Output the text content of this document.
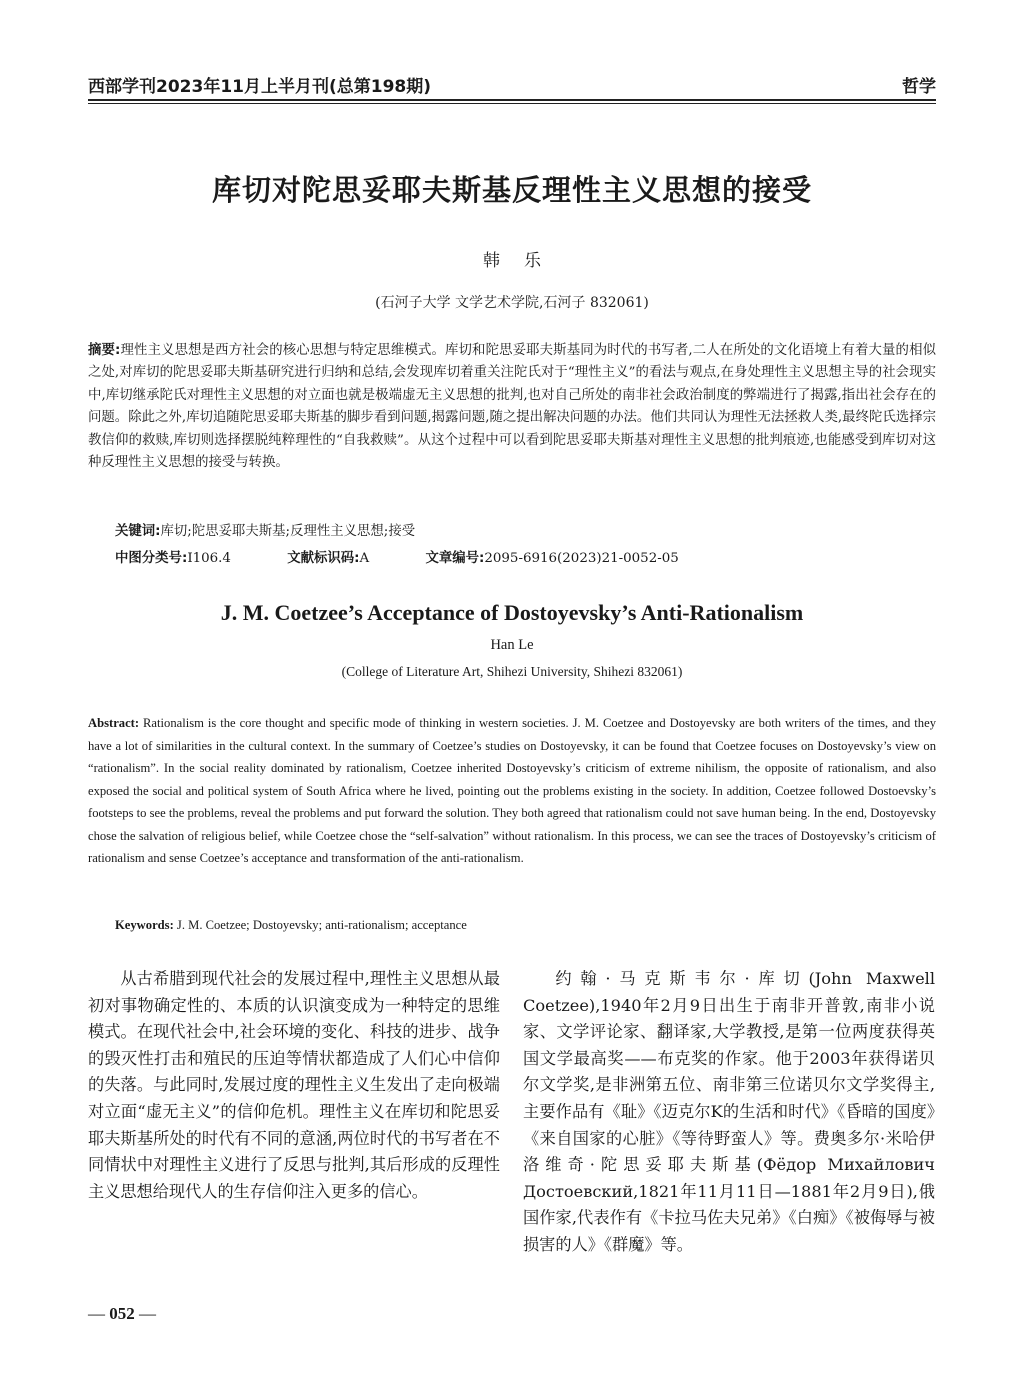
西部学刊2023年11月上半月刊(总第198期)	哲学
库切对陀思妥耶夫斯基反理性主义思想的接受
韩乐
(石河子大学 文学艺术学院,石河子 832061)
摘要:理性主义思想是西方社会的核心思想与特定思维模式。库切和陀思妥耶夫斯基同为时代的书写者,二人在所处的文化语境上有着大量的相似之处,对库切的陀思妥耶夫斯基研究进行归纳和总结,会发现库切着重关注陀氏对于“理性主义”的看法与观点,在身处理性主义思想主导的社会现实中,库切继承陀氏对理性主义思想的对立面也就是极端虚无主义思想的批判,也对自己所处的南非社会政治制度的弊端进行了揭露,指出社会存在的问题。除此之外,库切追随陀思妥耶夫斯基的脚步看到问题,揭露问题,随之提出解决问题的办法。他们共同认为理性无法拯救人类,最终陀氏选择宗教信仰的救赎,库切则选择摆脱纯粹理性的“自我救赎”。从这个过程中可以看到陀思妥耶夫斯基对理性主义思想的批判痕迹,也能感受到库切对这种反理性主义思想的接受与转换。
关键词:库切;陀思妥耶夫斯基;反理性主义思想;接受
中图分类号:I106.4	文献标识码:A	文章编号:2095-6916(2023)21-0052-05
J. M. Coetzee’s Acceptance of Dostoyevsky’s Anti-Rationalism
Han Le
(College of Literature Art, Shihezi University, Shihezi 832061)
Abstract: Rationalism is the core thought and specific mode of thinking in western societies. J. M. Coetzee and Dostoyevsky are both writers of the times, and they have a lot of similarities in the cultural context. In the summary of Coetzee’s studies on Dostoyevsky, it can be found that Coetzee focuses on Dostoyevsky’s view on “rationalism”. In the social reality dominated by rationalism, Coetzee inherited Dostoyevsky’s criticism of extreme nihilism, the opposite of rationalism, and also exposed the social and political system of South Africa where he lived, pointing out the problems existing in the society. In addition, Coetzee followed Dostoevsky’s footsteps to see the problems, reveal the problems and put forward the solution. They both agreed that rationalism could not save human being. In the end, Dostoyevsky chose the salvation of religious belief, while Coetzee chose the “self-salvation” without rationalism. In this process, we can see the traces of Dostoyevsky’s criticism of rationalism and sense Coetzee’s acceptance and transformation of the anti-rationalism.
Keywords: J. M. Coetzee; Dostoyevsky; anti-rationalism; acceptance
从古希腊到现代社会的发展过程中,理性主义思想从最初对事物确定性的、本质的认识演变成为一种特定的思维模式。在现代社会中,社会环境的变化、科技的进步、战争的毁灭性打击和殖民的压迫等情状都造成了人们心中信仰的失落。与此同时,发展过度的理性主义生发出了走向极端对立面“虚无主义”的信仰危机。理性主义在库切和陀思妥耶夫斯基所处的时代有不同的意涵,两位时代的书写者在不同情状中对理性主义进行了反思与批判,其后形成的反理性主义思想给现代人的生存信仰注入更多的信心。
约翰·马克斯韦尔·库切(John Maxwell Coetzee),1940年2月9日出生于南非开普敦,南非小说家、文学评论家、翻译家,大学教授,是第一位两度获得英国文学最高奖——布克奖的作家。他于2003年获得诺贝尔文学奖,是非洲第五位、南非第三位诺贝尔文学奖得主,主要作品有《耻》《迈克尔K的生活和时代》《昏暗的国度》《来自国家的心脏》《等待野蛮人》等。费奥多尔·米哈伊洛维奇·陀思妥耶夫斯基(Фёдор Михайлович Достоевский,1821年11月11日—1881年2月9日),俄国作家,代表作有《卡拉马佐夫兄弟》《白痴》《被侮辱与被损害的人》《群魔》等。
— 052 —
